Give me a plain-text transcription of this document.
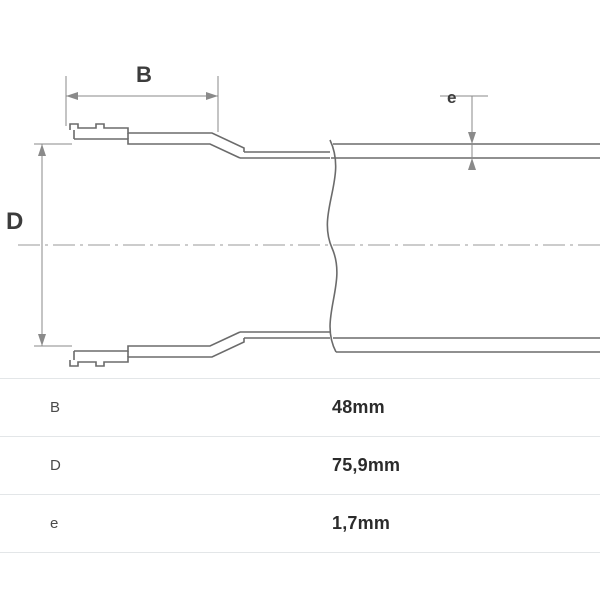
B
D
e
B	48mm
D	75,9mm
e	1,7mm
